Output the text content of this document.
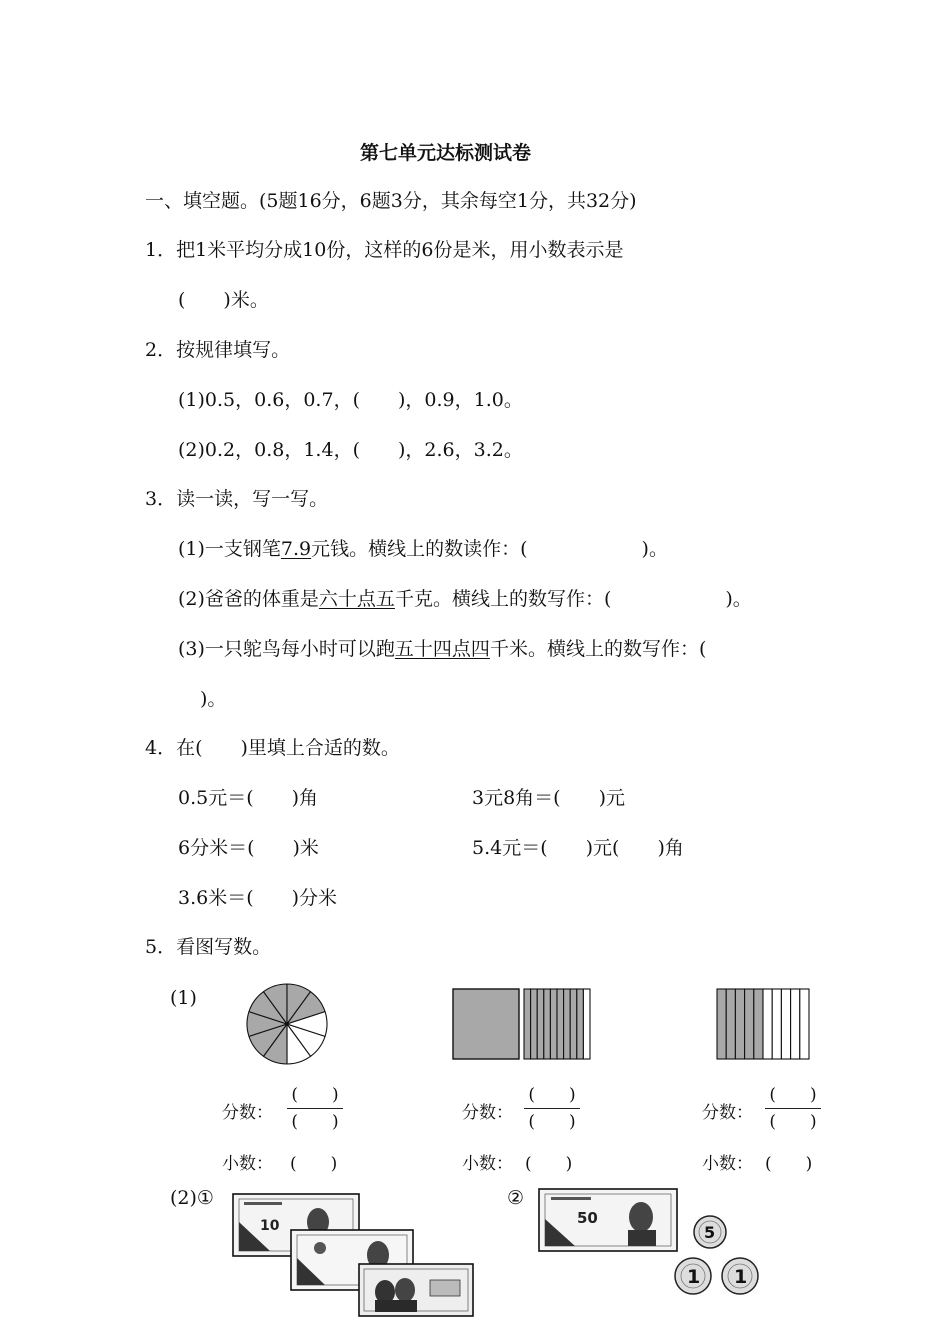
第七单元达标测试卷
一、填空题。(5题16分，6题3分，其余每空1分，共32分)
1．把1米平均分成10份，这样的6份是米，用小数表示是
(　　)米。
2．按规律填写。
(1)0.5，0.6，0.7，(　　)，0.9，1.0。
(2)0.2，0.8，1.4，(　　)，2.6，3.2。
3．读一读，写一写。
(1)一支钢笔7.9元钱。横线上的数读作：(　　　　　　)。
(2)爸爸的体重是六十点五千克。横线上的数写作：(　　　　　　)。
(3)一只鸵鸟每小时可以跑五十四点四千米。横线上的数写作：(
)。
4．在(　　)里填上合适的数。
0.5元＝(　　)角	3元8角＝(　　)元
6分米＝(　　)米	5.4元＝(　　)元(　　)角
3.6米＝(　　)分米
5．看图写数。
(1)
分数：
(　　)
(　　)
小数： (　　)
分数：
(　　)
(　　)
小数： (　　)
分数：
(　　)
(　　)
小数： (　　)
(2)①	②
10	50
5
1 1
